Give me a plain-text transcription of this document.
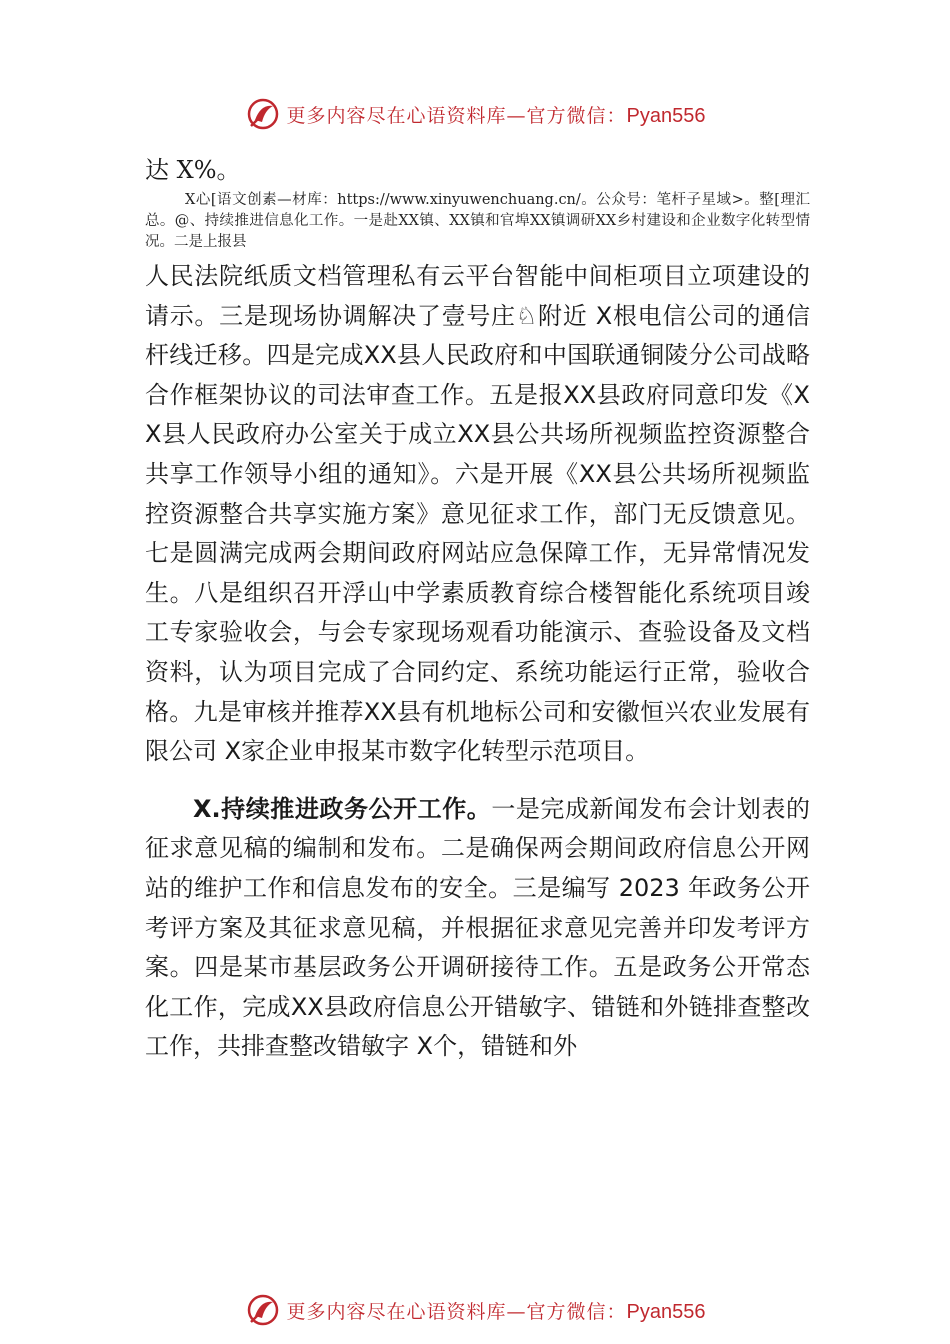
更多内容尽在心语资料库—官方微信：Pyan556

达 X%。

X心[语文创素—材库：https://www.xinyuwenchuang.cn/。公众号：笔杆子星域>。整[理汇总。@、持续推进信息化工作。一是赴XX镇、XX镇和官埠XX镇调研XX乡村建设和企业数字化转型情况。二是上报县

人民法院纸质文档管理私有云平台智能中间柜项目立项建设的请示。三是现场协调解决了壹号庄♘附近 X根电信公司的通信杆线迁移。四是完成XX县人民政府和中国联通铜陵分公司战略合作框架协议的司法审查工作。五是报XX县政府同意印发《XX县人民政府办公室关于成立XX县公共场所视频监控资源整合共享工作领导小组的通知》。六是开展《XX县公共场所视频监控资源整合共享实施方案》意见征求工作，部门无反馈意见。七是圆满完成两会期间政府网站应急保障工作，无异常情况发生。八是组织召开浮山中学素质教育综合楼智能化系统项目竣工专家验收会，与会专家现场观看功能演示、查验设备及文档资料，认为项目完成了合同约定、系统功能运行正常，验收合格。九是审核并推荐XX县有机地标公司和安徽恒兴农业发展有限公司 X家企业申报某市数字化转型示范项目。

X.持续推进政务公开工作。一是完成新闻发布会计划表的征求意见稿的编制和发布。二是确保两会期间政府信息公开网站的维护工作和信息发布的安全。三是编写 2023 年政务公开考评方案及其征求意见稿，并根据征求意见完善并印发考评方案。四是某市基层政务公开调研接待工作。五是政务公开常态化工作，完成XX县政府信息公开错敏字、错链和外链排查整改工作，共排查整改错敏字 X个，错链和外

更多内容尽在心语资料库—官方微信：Pyan556
